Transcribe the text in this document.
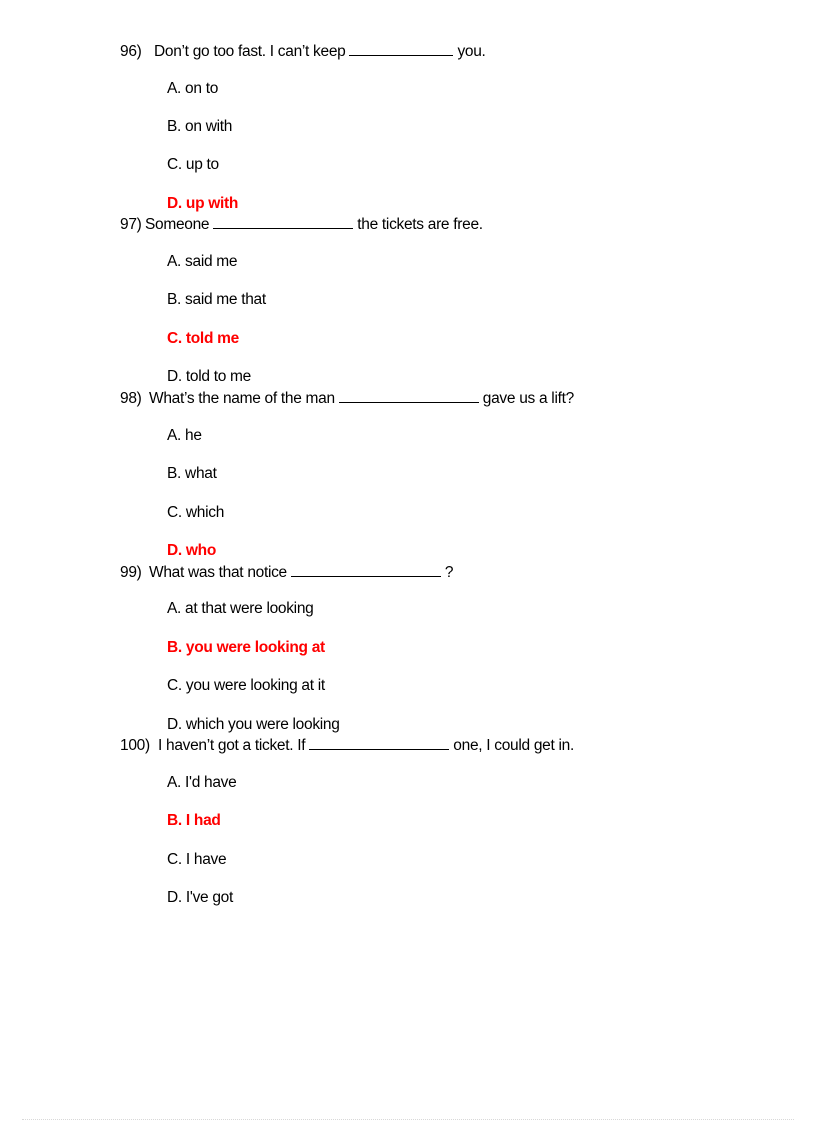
96) Don’t go too fast. I can’t keep	you.
A. on to
B. on with
C. up to
D. up with
97) Someone	the tickets are free.
A. said me
B. said me that
C. told me
D. told to me
98) What’s the name of the man	gave us a lift?
A. he
B. what
C. which
D. who
99) What was that notice	?
A. at that were looking
B. you were looking at
C. you were looking at it
D. which you were looking
100) I haven’t got a ticket. If	one, I could get in.
A. I'd have
B. I had
C. I have
D. I've got
